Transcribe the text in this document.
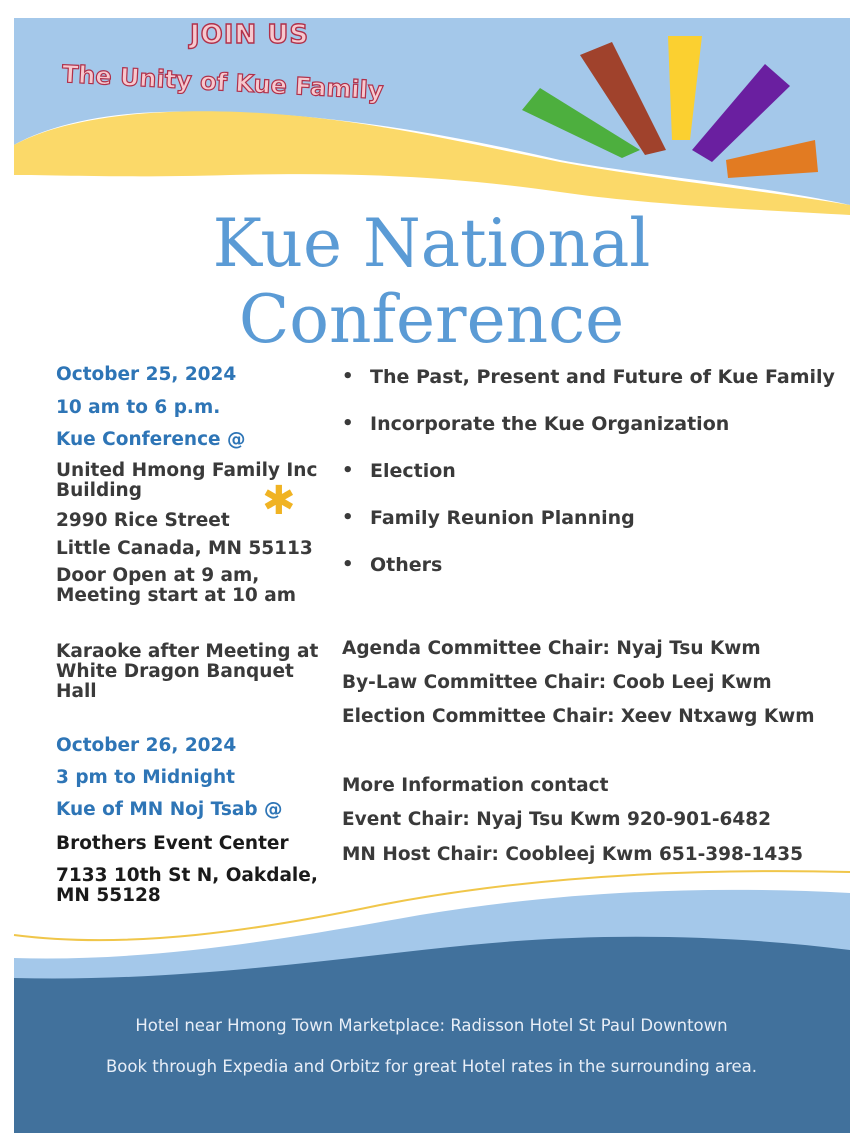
JOIN US
The Unity of Kue Family
Kue National
Conference
October 25, 2024
10 am to 6 p.m.
Kue Conference @
United Hmong Family Inc
Building	✱
2990 Rice Street
Little Canada, MN 55113
Door Open at 9 am,
Meeting start at 10 am
Karaoke after Meeting at
White Dragon Banquet
Hall
October 26, 2024
3 pm to Midnight
Kue of MN Noj Tsab @
Brothers Event Center
7133 10th St N, Oakdale,
MN 55128
• The Past, Present and Future of Kue Family
• Incorporate the Kue Organization
• Election
• Family Reunion Planning
• Others
Agenda Committee Chair: Nyaj Tsu Kwm
By-Law Committee Chair: Coob Leej Kwm
Election Committee Chair: Xeev Ntxawg Kwm
More Information contact
Event Chair: Nyaj Tsu Kwm 920-901-6482
MN Host Chair: Coobleej Kwm 651-398-1435
Hotel near Hmong Town Marketplace: Radisson Hotel St Paul Downtown
Book through Expedia and Orbitz for great Hotel rates in the surrounding area.
